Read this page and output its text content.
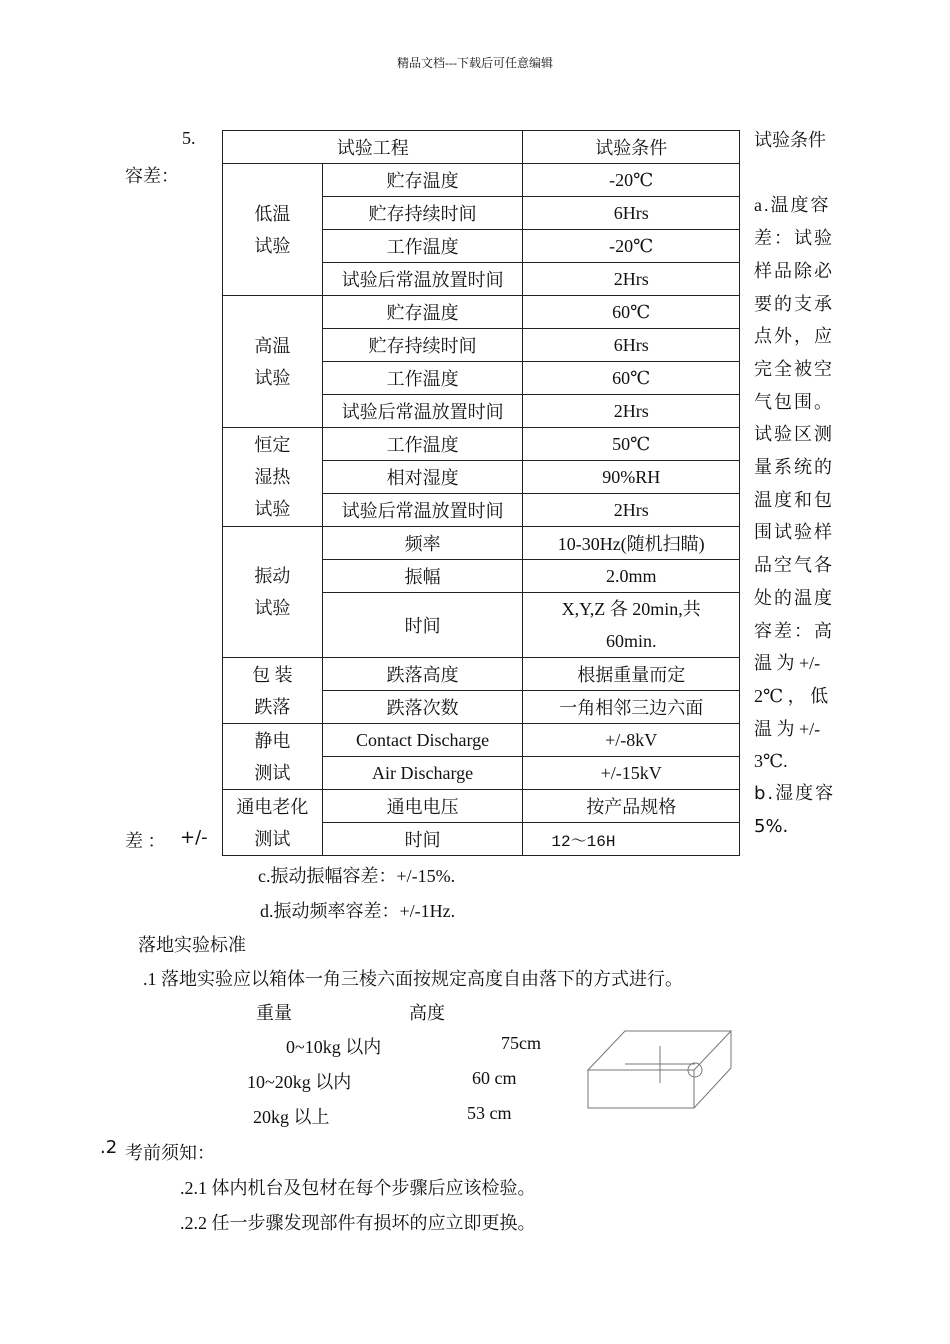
精品文档---下载后可任意编辑
5.
容差：
差 ： +/-
试验条件

a.温度容
差：试验
样品除必
要的支承
点外，应
完全被空
气包围。
试验区测
量系统的
温度和包
围试验样
品空气各
处的温度
容差：高
温 为 +/-
2℃ ， 低
温 为 +/-
3℃.
b.湿度容
5%.
试验工程		试验条件

低温
试验	贮存温度	-20℃
	贮存持续时间	6Hrs
	工作温度	-20℃
	试验后常温放置时间	2Hrs

高温
试验	贮存温度	60℃
	贮存持续时间	6Hrs
	工作温度	60℃
	试验后常温放置时间	2Hrs

恒定
湿热
试验	工作温度	50℃
	相对湿度	90%RH
	试验后常温放置时间	2Hrs

振动
试验	频率	10-30Hz(随机扫瞄)
	振幅	2.0mm
	时间	X,Y,Z 各 20min,共
60min.

包 装
跌落	跌落高度	根据重量而定
	跌落次数	一角相邻三边六面

静电
测试	Contact Discharge	+/-8kV
	Air Discharge	+/-15kV

通电老化
测试	通电电压	按产品规格
	时间	12～16H
c.振动振幅容差：+/-15%.
d.振动频率容差：+/-1Hz.
落地实验标准
.1 落地实验应以箱体一角三棱六面按规定高度自由落下的方式进行。
重量	高度
0~10kg 以内	75cm
10~20kg 以内	60 cm
20kg 以上	53 cm
.2 考前须知：
.2.1 体内机台及包材在每个步骤后应该检验。
.2.2 任一步骤发现部件有损坏的应立即更换。
